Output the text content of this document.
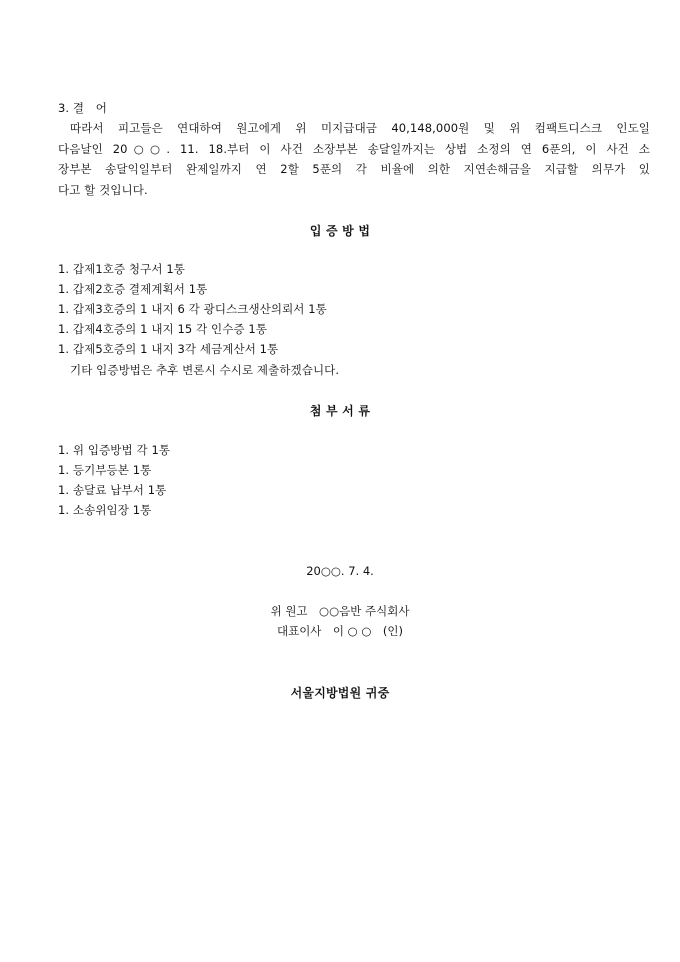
3. 결　어
따라서 피고들은 연대하여 원고에게 위 미지급대금 40,148,000원 및 위 컴팩트디스크 인도일
다음날인 20○○. 11. 18.부터 이 사건 소장부본 송달일까지는 상법 소정의 연 6푼의, 이 사건 소
장부본 송달익일부터 완제일까지 연 2할 5푼의 각 비율에 의한 지연손해금을 지급할 의무가 있
다고 할 것입니다.
입 증 방 법
1. 갑제1호증 청구서 1통
1. 갑제2호증 결제계획서 1통
1. 갑제3호증의 1 내지 6 각 광디스크생산의뢰서 1통
1. 갑제4호증의 1 내지 15 각 인수증 1통
1. 갑제5호증의 1 내지 3각 세금계산서 1통
기타 입증방법은 추후 변론시 수시로 제출하겠습니다.
첨 부 서 류
1. 위 입증방법 각 1통
1. 등기부등본 1통
1. 송달료 납부서 1통
1. 소송위임장 1통
20○○. 7. 4.
위 원고　○○음반 주식회사
대표이사　이 ○ ○　(인)
서울지방법원 귀중
